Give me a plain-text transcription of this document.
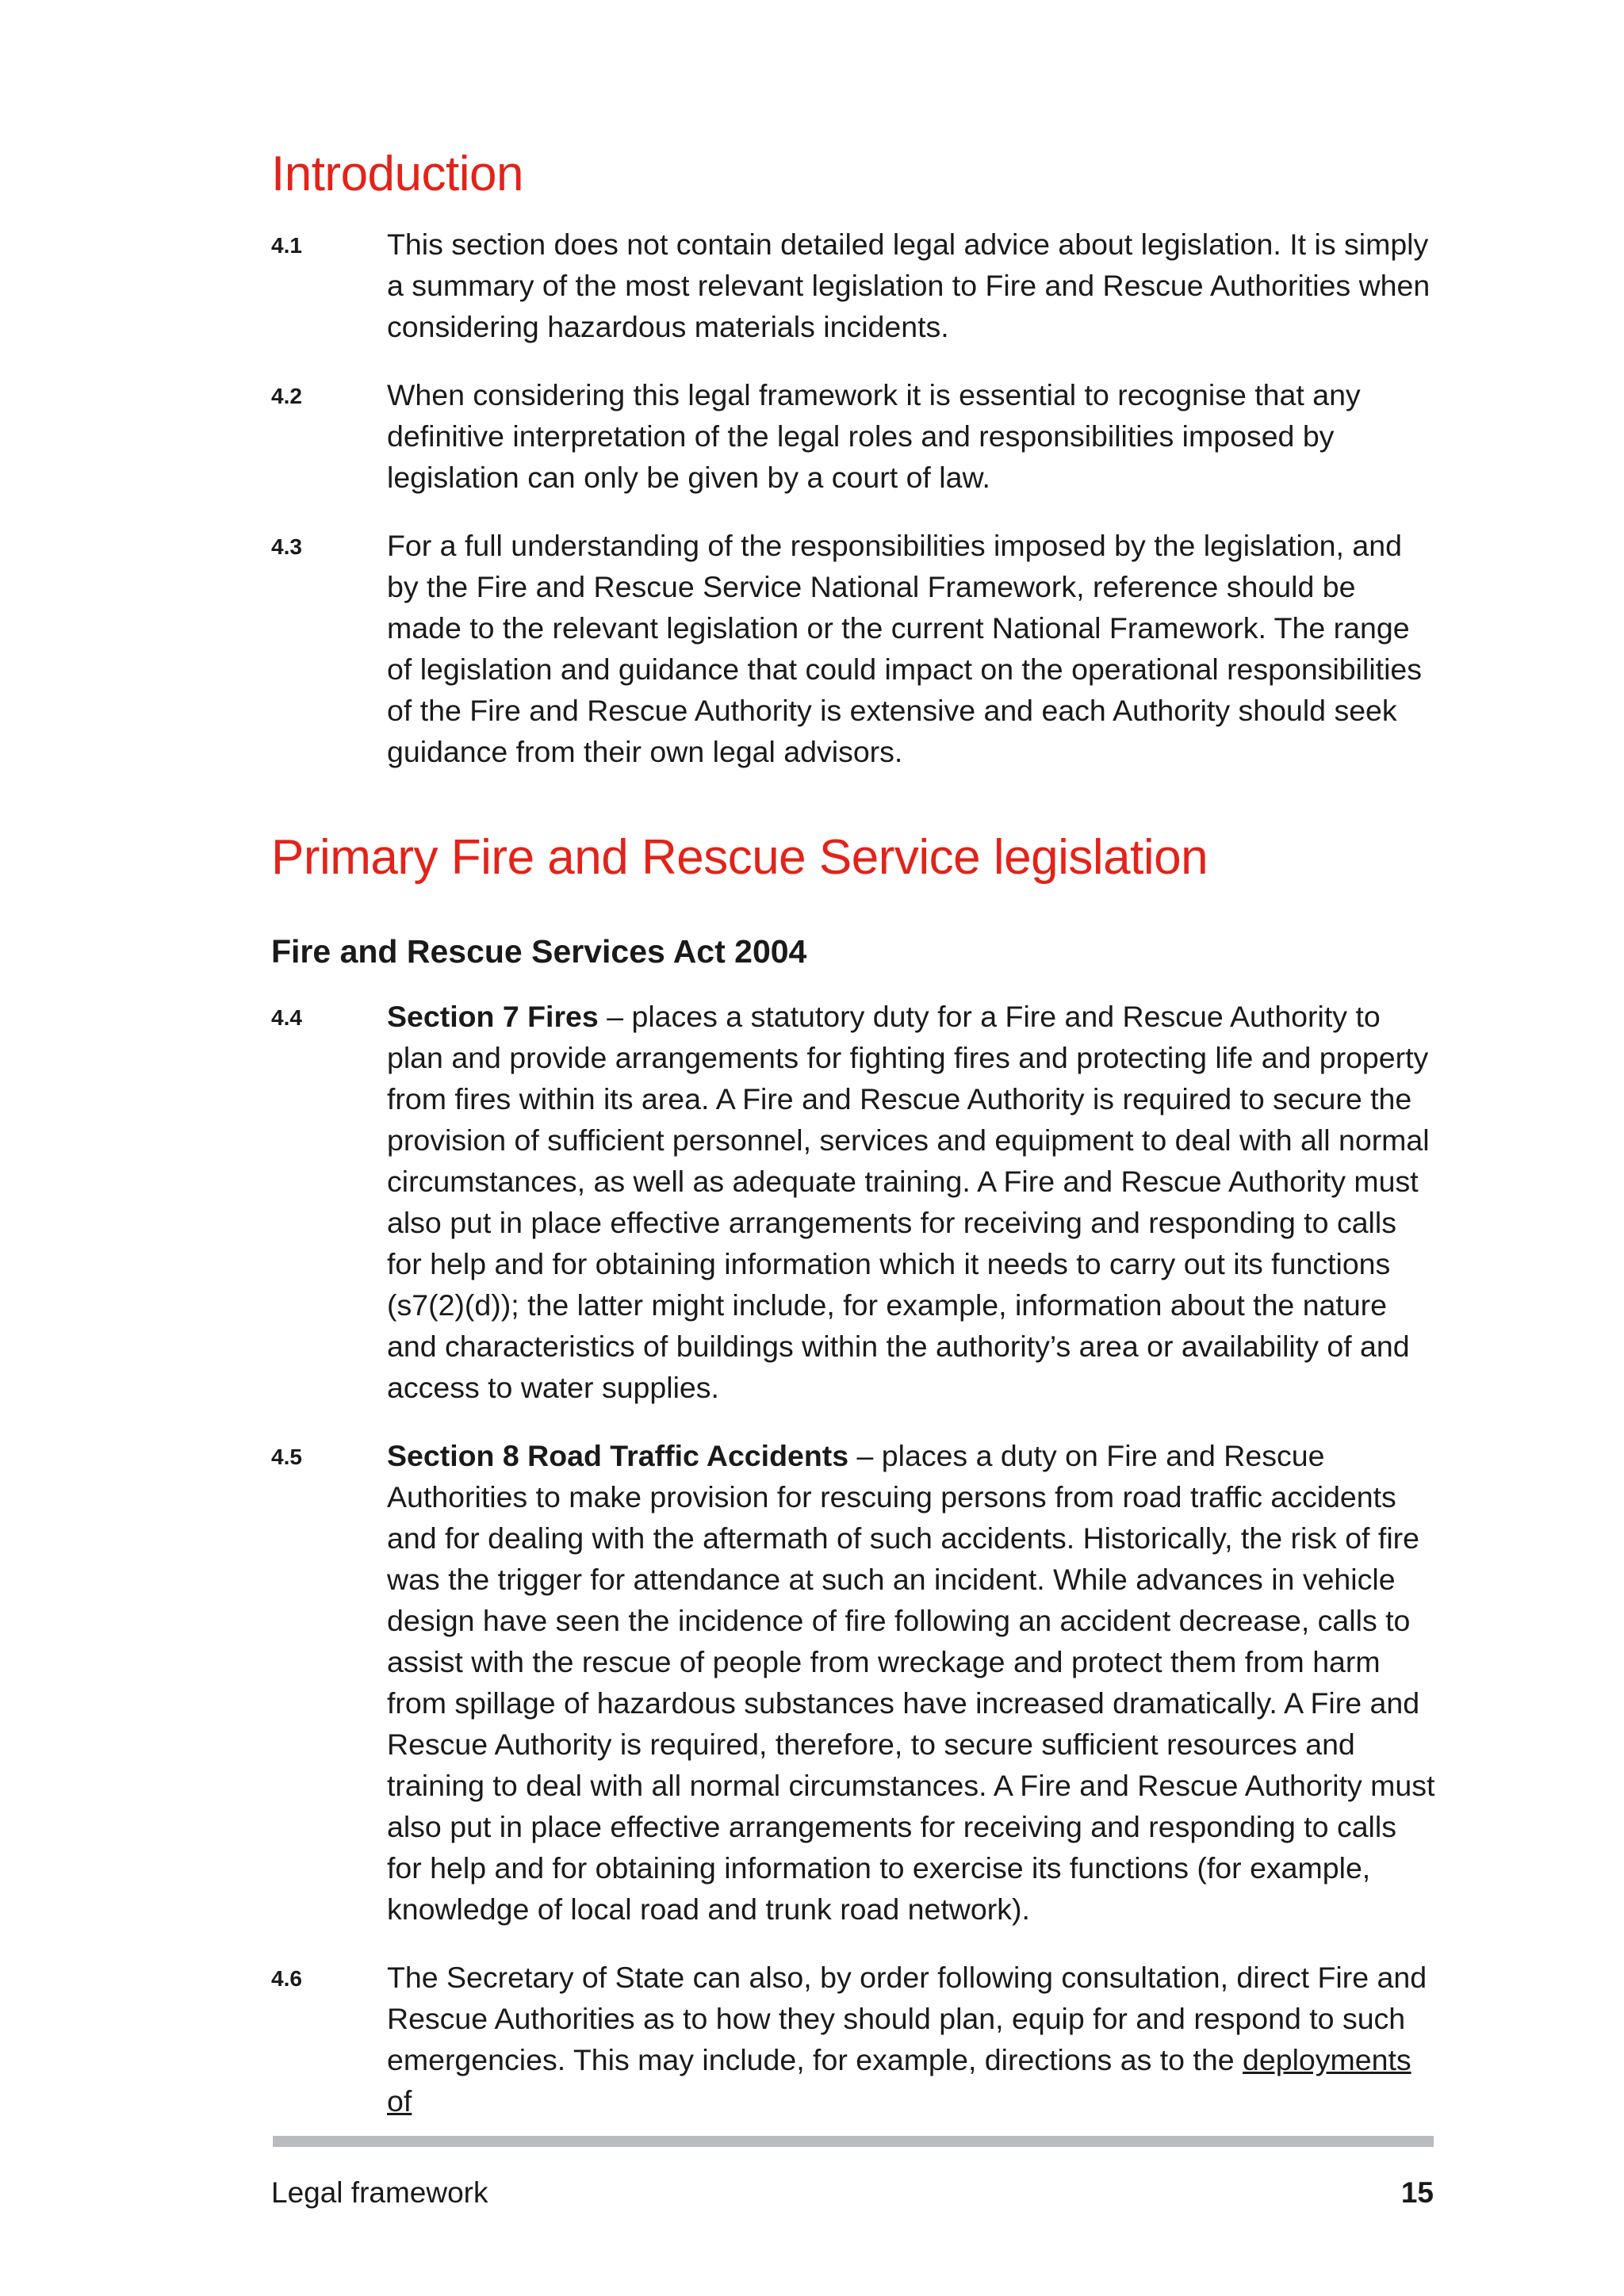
Introduction
4.1	This section does not contain detailed legal advice about legislation. It is simply a summary of the most relevant legislation to Fire and Rescue Authorities when considering hazardous materials incidents.
4.2	When considering this legal framework it is essential to recognise that any definitive interpretation of the legal roles and responsibilities imposed by legislation can only be given by a court of law.
4.3	For a full understanding of the responsibilities imposed by the legislation, and by the Fire and Rescue Service National Framework, reference should be made to the relevant legislation or the current National Framework. The range of legislation and guidance that could impact on the operational responsibilities of the Fire and Rescue Authority is extensive and each Authority should seek guidance from their own legal advisors.
Primary Fire and Rescue Service legislation
Fire and Rescue Services Act 2004
4.4	Section 7 Fires – places a statutory duty for a Fire and Rescue Authority to plan and provide arrangements for fighting fires and protecting life and property from fires within its area. A Fire and Rescue Authority is required to secure the provision of sufficient personnel, services and equipment to deal with all normal circumstances, as well as adequate training. A Fire and Rescue Authority must also put in place effective arrangements for receiving and responding to calls for help and for obtaining information which it needs to carry out its functions (s7(2)(d)); the latter might include, for example, information about the nature and characteristics of buildings within the authority’s area or availability of and access to water supplies.
4.5	Section 8 Road Traffic Accidents – places a duty on Fire and Rescue Authorities to make provision for rescuing persons from road traffic accidents and for dealing with the aftermath of such accidents. Historically, the risk of fire was the trigger for attendance at such an incident. While advances in vehicle design have seen the incidence of fire following an accident decrease, calls to assist with the rescue of people from wreckage and protect them from harm from spillage of hazardous substances have increased dramatically. A Fire and Rescue Authority is required, therefore, to secure sufficient resources and training to deal with all normal circumstances. A Fire and Rescue Authority must also put in place effective arrangements for receiving and responding to calls for help and for obtaining information to exercise its functions (for example, knowledge of local road and trunk road network).
4.6	The Secretary of State can also, by order following consultation, direct Fire and Rescue Authorities as to how they should plan, equip for and respond to such emergencies. This may include, for example, directions as to the deployments of
Legal framework	15
